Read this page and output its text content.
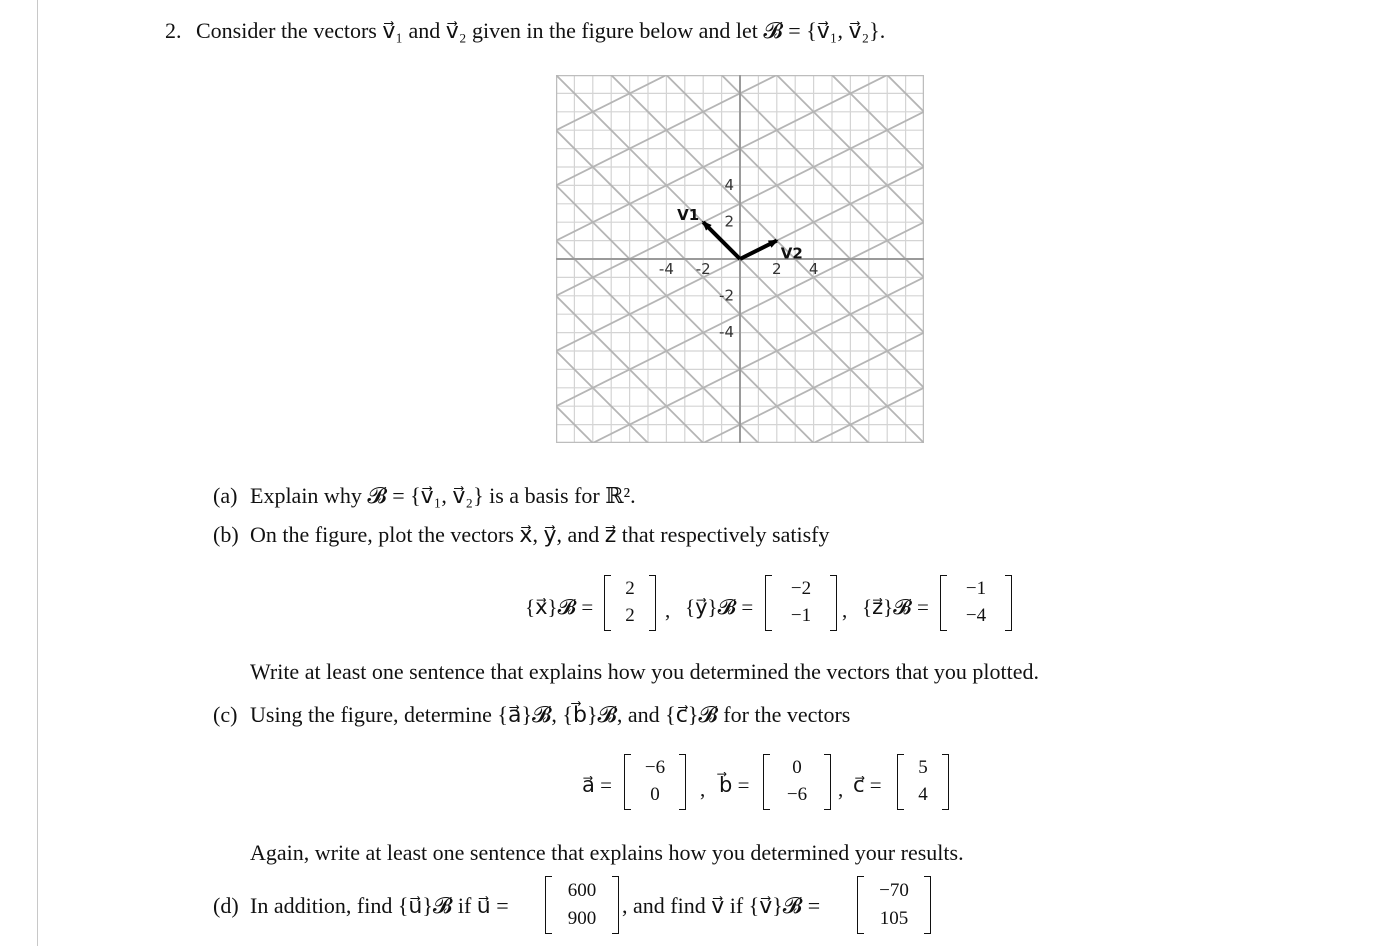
2. Consider the vectors v⃗₁ and v⃗₂ given in the figure below and let 𝓑 = {v⃗₁, v⃗₂}.
-4 -2	2 4
4
2
-2
-4
V1
V2
(a) Explain why 𝓑 = {v⃗₁, v⃗₂} is a basis for ℝ².
(b) On the figure, plot the vectors x⃗, y⃗, and z⃗ that respectively satisfy
{x⃗}𝓑 =
2
2	, {y⃗}𝓑 =
−2
−1	, {z⃗}𝓑 =
−1
−4
Write at least one sentence that explains how you determined the vectors that you plotted.
(c) Using the figure, determine {a⃗}𝓑, {b⃗}𝓑, and {c⃗}𝓑 for the vectors
a⃗ =
−6
0	, b⃗ =
0
−6	, c⃗ =
5
4
Again, write at least one sentence that explains how you determined your results.
(d) In addition, find {u⃗}𝓑 if u⃗ =
600
900
, and find v⃗ if {v⃗}𝓑 =
−70
105
